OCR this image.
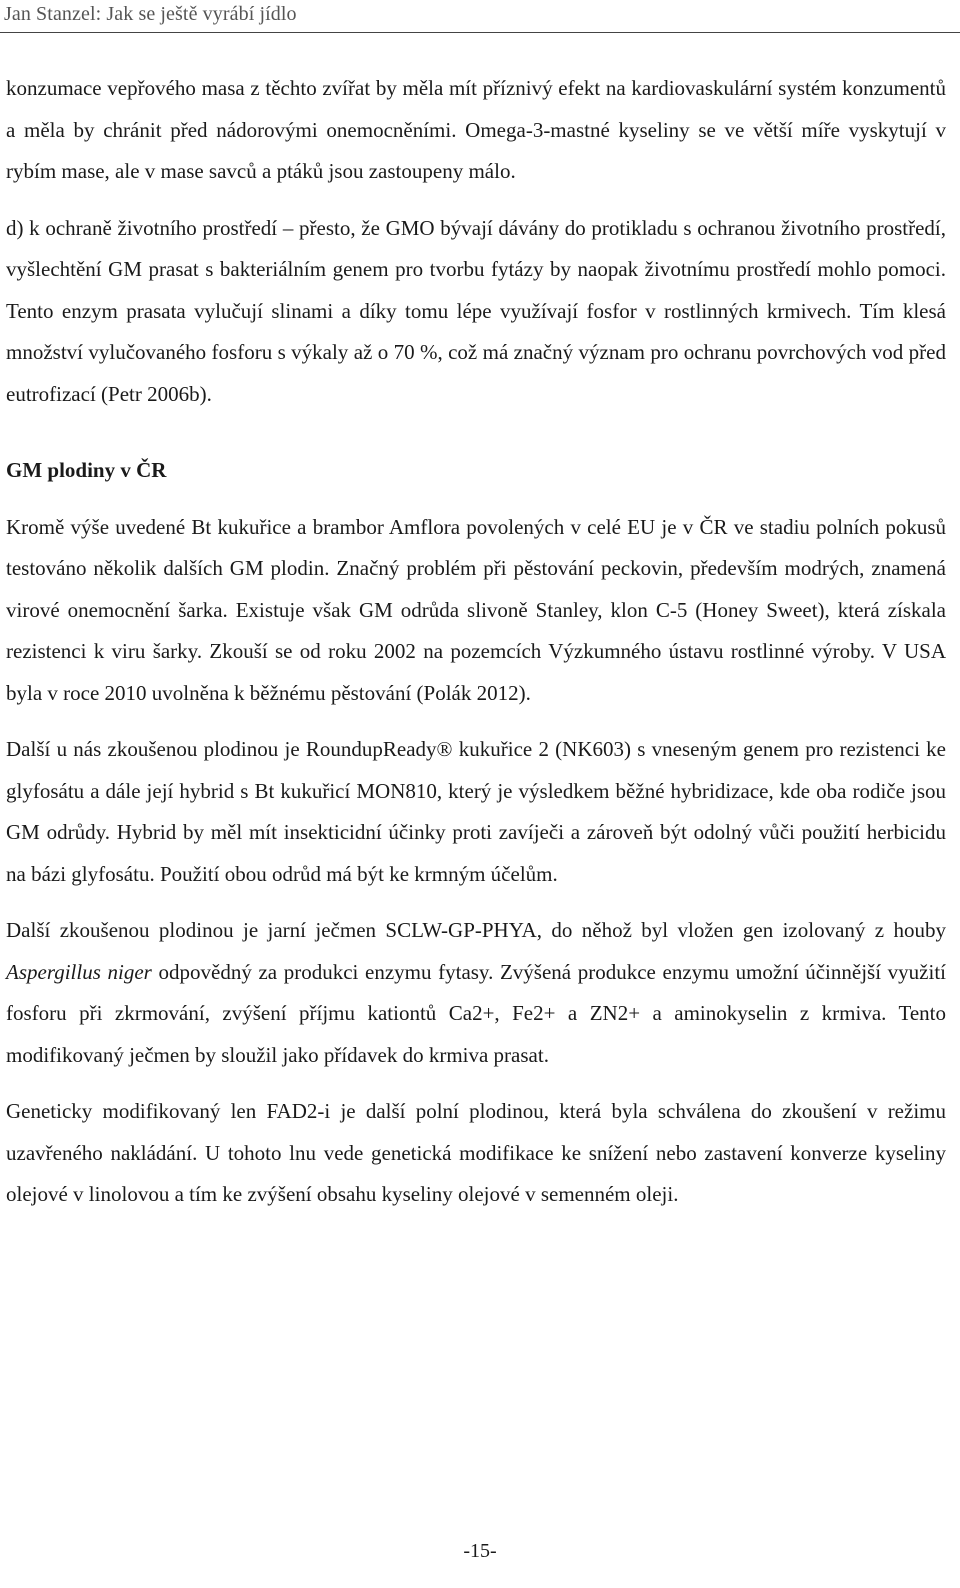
Jan Stanzel: Jak se ještě vyrábí jídlo

konzumace vepřového masa z těchto zvířat by měla mít příznivý efekt na kardiovaskulární systém konzumentů a měla by chránit před nádorovými onemocněními. Omega-3-mastné kyseliny se ve větší míře vyskytují v rybím mase, ale v mase savců a ptáků jsou zastoupeny málo.

d) k ochraně životního prostředí – přesto, že GMO bývají dávány do protikladu s ochranou životního prostředí, vyšlechtění GM prasat s bakteriálním genem pro tvorbu fytázy by naopak životnímu prostředí mohlo pomoci. Tento enzym prasata vylučují slinami a díky tomu lépe využívají fosfor v rostlinných krmivech. Tím klesá množství vylučovaného fosforu s výkaly až o 70 %, což má značný význam pro ochranu povrchových vod před eutrofizací (Petr 2006b).

GM plodiny v ČR

Kromě výše uvedené Bt kukuřice a brambor Amflora povolených v celé EU je v ČR ve stadiu polních pokusů testováno několik dalších GM plodin. Značný problém při pěstování peckovin, především modrých, znamená virové onemocnění šarka. Existuje však GM odrůda slivoně Stanley, klon C-5 (Honey Sweet), která získala rezistenci k viru šarky. Zkouší se od roku 2002 na pozemcích Výzkumného ústavu rostlinné výroby. V USA byla v roce 2010 uvolněna k běžnému pěstování (Polák 2012).

Další u nás zkoušenou plodinou je RoundupReady® kukuřice 2 (NK603) s vneseným genem pro rezistenci ke glyfosátu a dále její hybrid s Bt kukuřicí MON810, který je výsledkem běžné hybridizace, kde oba rodiče jsou GM odrůdy. Hybrid by měl mít insekticidní účinky proti zavíječi a zároveň být odolný vůči použití herbicidu na bázi glyfosátu. Použití obou odrůd má být ke krmným účelům.

Další zkoušenou plodinou je jarní ječmen SCLW-GP-PHYA, do něhož byl vložen gen izolovaný z houby Aspergillus niger odpovědný za produkci enzymu fytasy. Zvýšená produkce enzymu umožní účinnější využití fosforu při zkrmování, zvýšení příjmu kationtů Ca2+, Fe2+ a ZN2+ a aminokyselin z krmiva. Tento modifikovaný ječmen by sloužil jako přídavek do krmiva prasat.

Geneticky modifikovaný len FAD2-i je další polní plodinou, která byla schválena do zkoušení v režimu uzavřeného nakládání. U tohoto lnu vede genetická modifikace ke snížení nebo zastavení konverze kyseliny olejové v linolovou a tím ke zvýšení obsahu kyseliny olejové v semenném oleji.

-15-
